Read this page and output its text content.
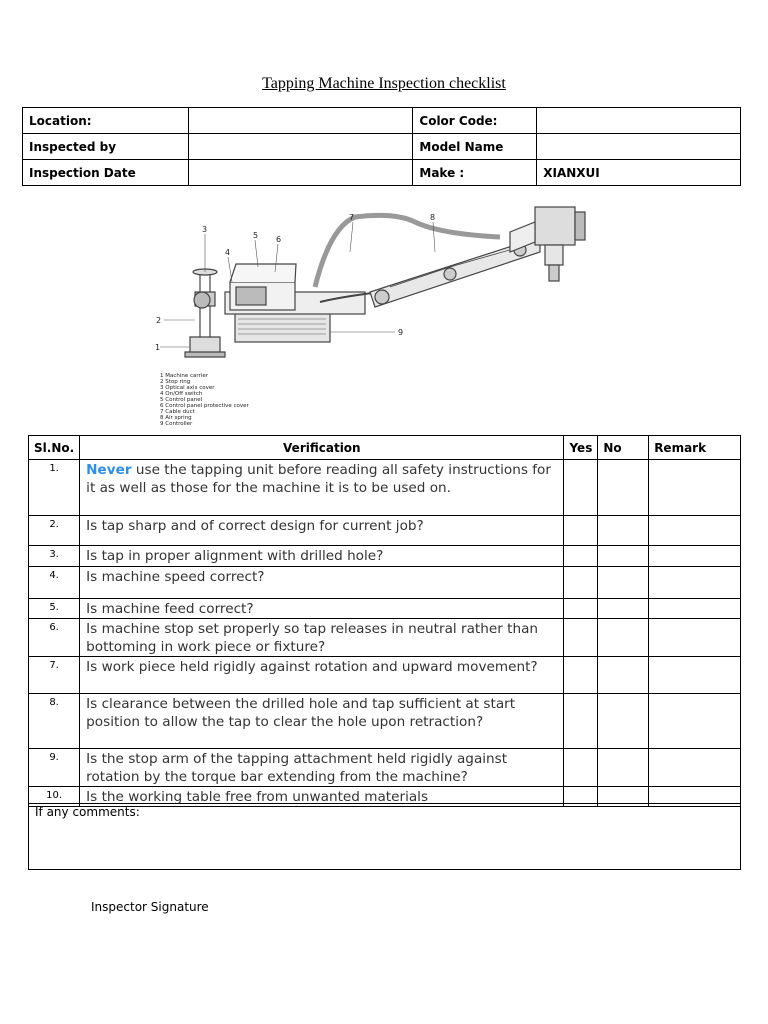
Tapping Machine Inspection checklist
Location:		Color Code:	
Inspected by		Model Name	
Inspection Date		Make :	XIANXUI
1
2
3
4
5 6
7	8
9
1 Machine carrier
2 Stop ring
3 Optical axis cover
4 On/Off switch
5 Control panel
6 Control panel protective cover
7 Cable duct
8 Air spring
9 Controller
Sl.No.	Verification	Yes	No	Remark
1.	Never use the tapping unit before reading all safety instructions for it as well as those for the machine it is to be used on.			
2.	Is tap sharp and of correct design for current job?			
3.	Is tap in proper alignment with drilled hole?			
4.	Is machine speed correct?			
5.	Is machine feed correct?			
6.	Is machine stop set properly so tap releases in neutral rather than bottoming in work piece or fixture?			
7.	Is work piece held rigidly against rotation and upward movement?			
8.	Is clearance between the drilled hole and tap sufficient at start position to allow the tap to clear the hole upon retraction?			
9.	Is the stop arm of the tapping attachment held rigidly against rotation by the torque bar extending from the machine?			
10.	Is the working table free from unwanted materials			
If any comments:
Inspector Signature
